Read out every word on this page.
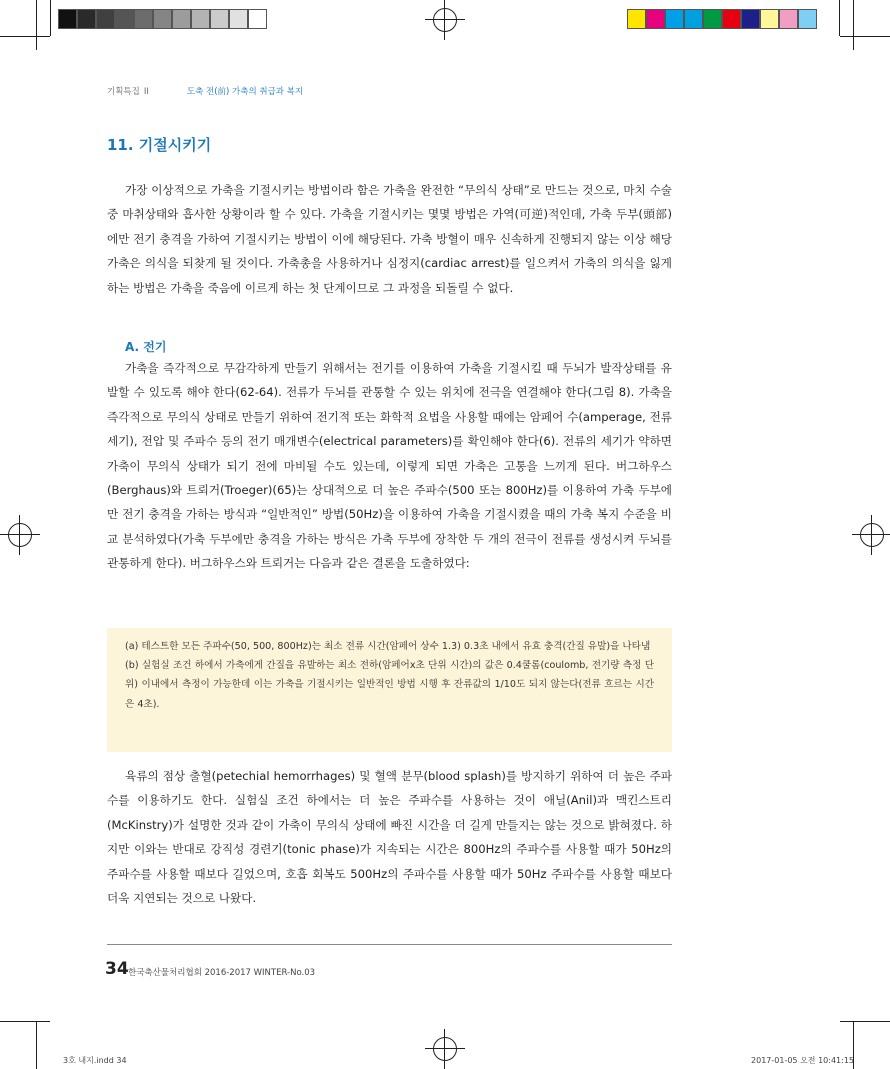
기획특집 II	도축 전(前) 가축의 취급과 복지
11. 기절시키기

가장 이상적으로 가축을 기절시키는 방법이라 함은 가축을 완전한 “무의식 상태”로 만드는 것으로, 마치 수술 중 마취상태와 흡사한 상황이라 할 수 있다. 가축을 기절시키는 몇몇 방법은 가역(可逆)적인데, 가축 두부(頭部)에만 전기 충격을 가하여 기절시키는 방법이 이에 해당된다. 가축 방혈이 매우 신속하게 진행되지 않는 이상 해당 가축은 의식을 되찾게 될 것이다. 가축총을 사용하거나 심정지(cardiac arrest)를 일으켜서 가축의 의식을 잃게 하는 방법은 가축을 죽음에 이르게 하는 첫 단계이므로 그 과정을 되돌릴 수 없다.

A. 전기

가축을 즉각적으로 무감각하게 만들기 위해서는 전기를 이용하여 가축을 기절시킬 때 두뇌가 발작상태를 유발할 수 있도록 해야 한다(62-64). 전류가 두뇌를 관통할 수 있는 위치에 전극을 연결해야 한다(그림 8). 가축을 즉각적으로 무의식 상태로 만들기 위하여 전기적 또는 화학적 요법을 사용할 때에는 암페어 수(amperage, 전류 세기), 전압 및 주파수 등의 전기 매개변수(electrical parameters)를 확인해야 한다(6). 전류의 세기가 약하면 가축이 무의식 상태가 되기 전에 마비될 수도 있는데, 이렇게 되면 가축은 고통을 느끼게 된다. 버그하우스(Berghaus)와 트뢰거(Troeger)(65)는 상대적으로 더 높은 주파수(500 또는 800Hz)를 이용하여 가축 두부에만 전기 충격을 가하는 방식과 “일반적인” 방법(50Hz)을 이용하여 가축을 기절시켰을 때의 가축 복지 수준을 비교 분석하였다(가축 두부에만 충격을 가하는 방식은 가축 두부에 장착한 두 개의 전극이 전류를 생성시켜 두뇌를 관통하게 한다). 버그하우스와 트뢰거는 다음과 같은 결론을 도출하였다:

(a) 테스트한 모든 주파수(50, 500, 800Hz)는 최소 전류 시간(암페어 상수 1.3) 0.3초 내에서 유효 충격(간질 유발)을 나타냄

(b) 실험실 조건 하에서 가축에게 간질을 유발하는 최소 전하(암페어x초 단위 시간)의 값은 0.4쿨롬(coulomb, 전기량 측정 단위) 이내에서 측정이 가능한데 이는 가축을 기절시키는 일반적인 방법 시행 후 잔류값의 1/10도 되지 않는다(전류 흐르는 시간은 4초).

육류의 점상 출혈(petechial hemorrhages) 및 혈액 분무(blood splash)를 방지하기 위하여 더 높은 주파수를 이용하기도 한다. 실험실 조건 하에서는 더 높은 주파수를 사용하는 것이 애닐(Anil)과 맥킨스트리(McKinstry)가 설명한 것과 같이 가축이 무의식 상태에 빠진 시간을 더 길게 만들지는 않는 것으로 밝혀졌다. 하지만 이와는 반대로 강직성 경련기(tonic phase)가 지속되는 시간은 800Hz의 주파수를 사용할 때가 50Hz의 주파수를 사용할 때보다 길었으며, 호흡 회복도 500Hz의 주파수를 사용할 때가 50Hz 주파수를 사용할 때보다 더욱 지연되는 것으로 나왔다.

34 한국축산물처리협회 2016-2017 WINTER-No.03
3호 내지.indd 34	2017-01-05 오전 10:41:15
